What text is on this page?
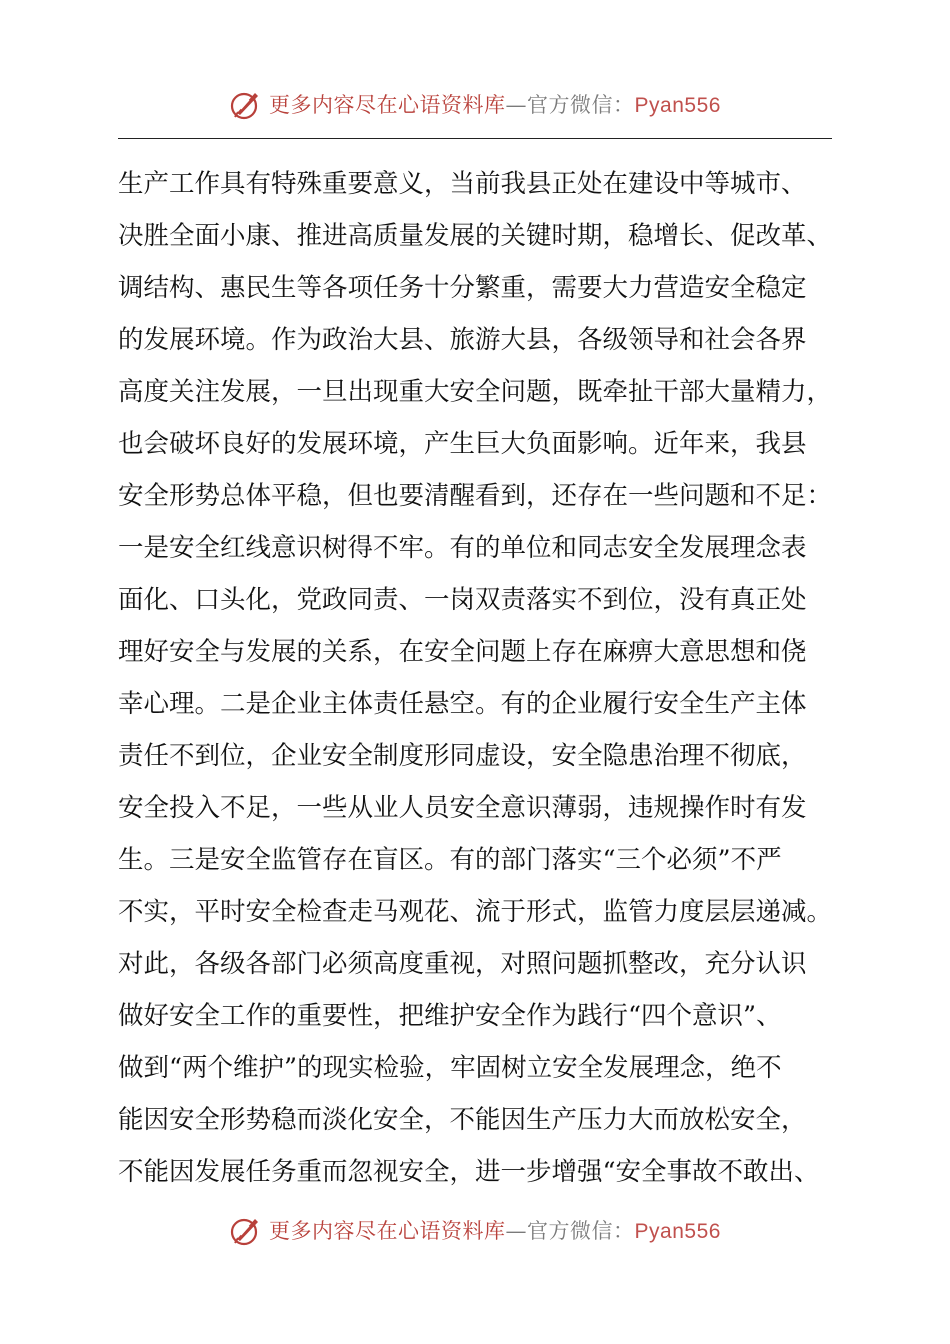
更多内容尽在心语资料库—官方微信：Pyan556
生产工作具有特殊重要意义，当前我县正处在建设中等城市、
决胜全面小康、推进高质量发展的关键时期，稳增长、促改革、
调结构、惠民生等各项任务十分繁重，需要大力营造安全稳定
的发展环境。作为政治大县、旅游大县，各级领导和社会各界
高度关注发展，一旦出现重大安全问题，既牵扯干部大量精力，
也会破坏良好的发展环境，产生巨大负面影响。近年来，我县
安全形势总体平稳，但也要清醒看到，还存在一些问题和不足：
一是安全红线意识树得不牢。有的单位和同志安全发展理念表
面化、口头化，党政同责、一岗双责落实不到位，没有真正处
理好安全与发展的关系，在安全问题上存在麻痹大意思想和侥
幸心理。二是企业主体责任悬空。有的企业履行安全生产主体
责任不到位，企业安全制度形同虚设，安全隐患治理不彻底，
安全投入不足，一些从业人员安全意识薄弱，违规操作时有发
生。三是安全监管存在盲区。有的部门落实“三个必须”不严
不实，平时安全检查走马观花、流于形式，监管力度层层递减。
对此，各级各部门必须高度重视，对照问题抓整改，充分认识
做好安全工作的重要性，把维护安全作为践行“四个意识”、
做到“两个维护”的现实检验，牢固树立安全发展理念，绝不
能因安全形势稳而淡化安全，不能因生产压力大而放松安全，
不能因发展任务重而忽视安全，进一步增强“安全事故不敢出、
更多内容尽在心语资料库—官方微信：Pyan556
